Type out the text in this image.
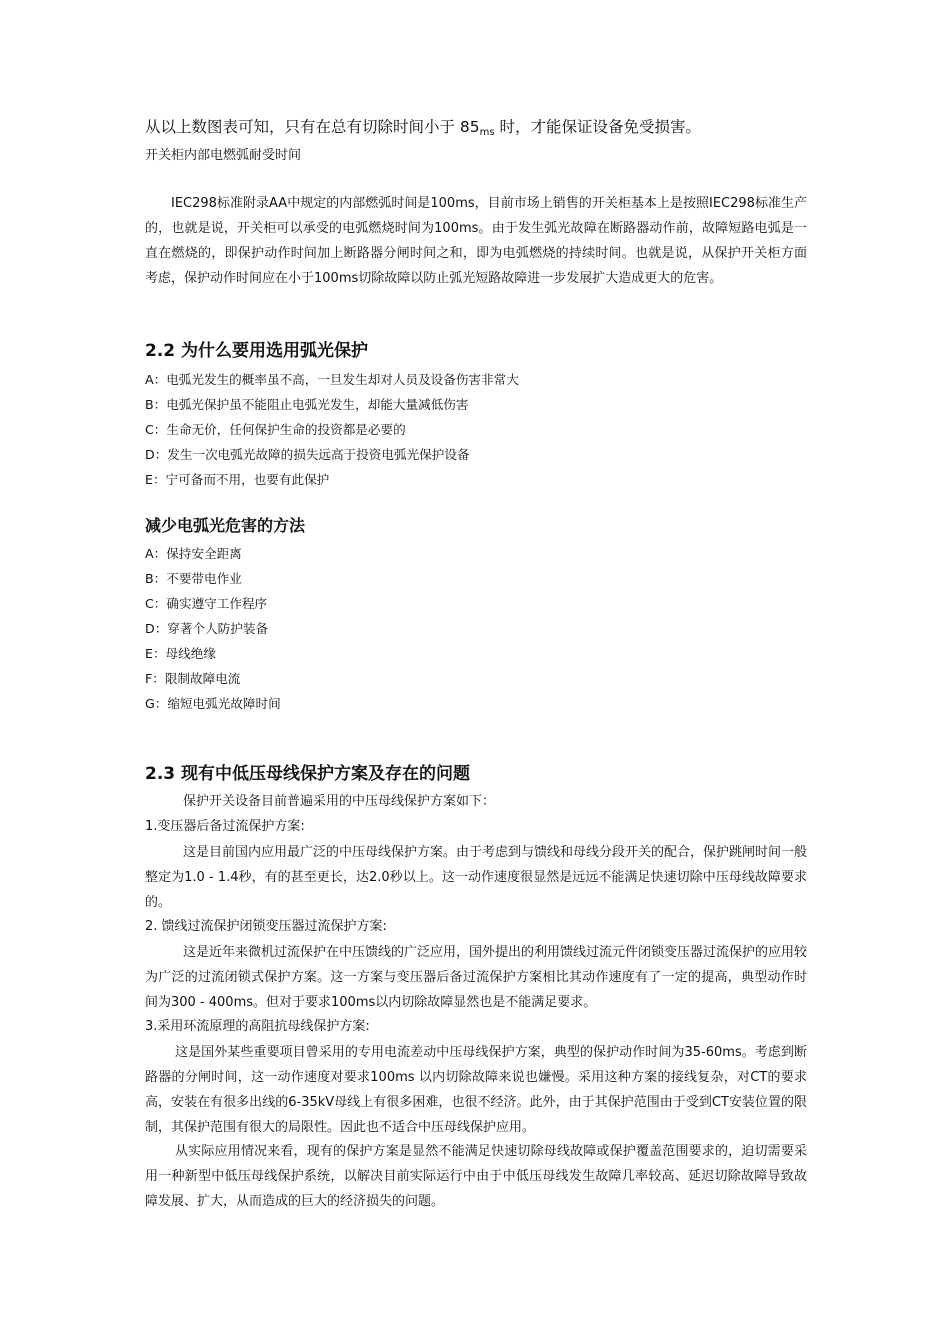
从以上数图表可知，只有在总有切除时间小于 $85_{ms}$ 时，才能保证设备免受损害。

开关柜内部电燃弧耐受时间

IEC298标准附录AA中规定的内部燃弧时间是100ms，目前市场上销售的开关柜基本上是按照IEC298标准生产的，也就是说，开关柜可以承受的电弧燃烧时间为100ms。由于发生弧光故障在断路器动作前，故障短路电弧是一直在燃烧的，即保护动作时间加上断路器分闸时间之和，即为电弧燃烧的持续时间。也就是说，从保护开关柜方面考虑，保护动作时间应在小于100ms切除故障以防止弧光短路故障进一步发展扩大造成更大的危害。

2.2 为什么要用选用弧光保护
A：电弧光发生的概率虽不高，一旦发生却对人员及设备伤害非常大
B：电弧光保护虽不能阻止电弧光发生，却能大量减低伤害
C：生命无价，任何保护生命的投资都是必要的
D：发生一次电弧光故障的损失远高于投资电弧光保护设备
E：宁可备而不用，也要有此保护
减少电弧光危害的方法
A：保持安全距离
B：不要带电作业
C：确实遵守工作程序
D：穿著个人防护装备
E：母线绝缘
F：限制故障电流
G：缩短电弧光故障时间
2.3 现有中低压母线保护方案及存在的问题

保护开关设备目前普遍采用的中压母线保护方案如下：

1.变压器后备过流保护方案:

这是目前国内应用最广泛的中压母线保护方案。由于考虑到与馈线和母线分段开关的配合，保护跳闸时间一般整定为1.0 - 1.4秒，有的甚至更长，达2.0秒以上。这一动作速度很显然是远远不能满足快速切除中压母线故障要求的。

2. 馈线过流保护闭锁变压器过流保护方案:

这是近年来微机过流保护在中压馈线的广泛应用，国外提出的利用馈线过流元件闭锁变压器过流保护的应用较为广泛的过流闭锁式保护方案。这一方案与变压器后备过流保护方案相比其动作速度有了一定的提高，典型动作时间为300 - 400ms。但对于要求100ms以内切除故障显然也是不能满足要求。

3.采用环流原理的高阻抗母线保护方案:

这是国外某些重要项目曾采用的专用电流差动中压母线保护方案，典型的保护动作时间为35-60ms。考虑到断路器的分闸时间，这一动作速度对要求100ms 以内切除故障来说也嫌慢。采用这种方案的接线复杂，对CT的要求高，安装在有很多出线的6-35kV母线上有很多困难，也很不经济。此外，由于其保护范围由于受到CT安装位置的限制，其保护范围有很大的局限性。因此也不适合中压母线保护应用。

从实际应用情况来看，现有的保护方案是显然不能满足快速切除母线故障或保护覆盖范围要求的，迫切需要采用一种新型中低压母线保护系统，以解决目前实际运行中由于中低压母线发生故障几率较高、延迟切除故障导致故障发展、扩大，从而造成的巨大的经济损失的问题。
